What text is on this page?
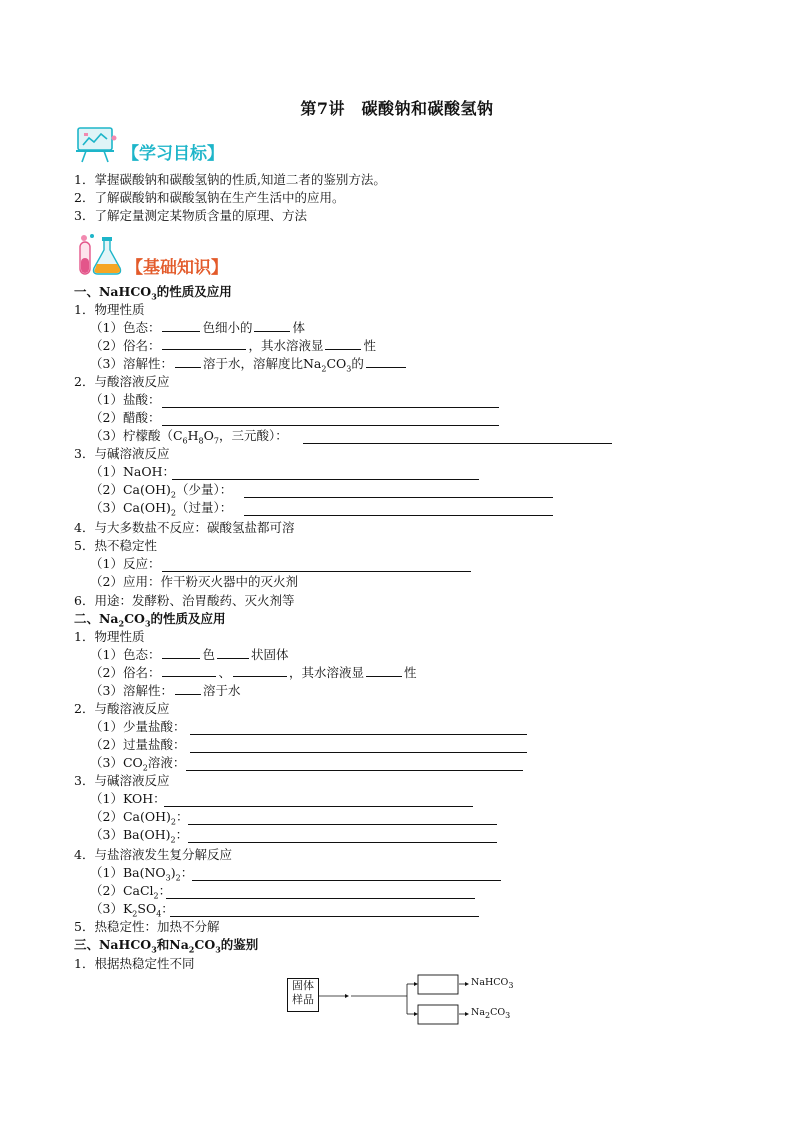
第7讲　碳酸钠和碳酸氢钠
【学习目标】
1．掌握碳酸钠和碳酸氢钠的性质,知道二者的鉴别方法。
2．了解碳酸钠和碳酸氢钠在生产生活中的应用。
3．了解定量测定某物质含量的原理、方法
【基础知识】
一、NaHCO$_3$的性质及应用
1．物理性质
（1）色态：	色细小的	体
（2）俗名：	，其水溶液显	性
（3）溶解性： 溶于水，溶解度比$Na_2CO_3$的
2．与酸溶液反应
（1）盐酸：
（2）醋酸：
（3）柠檬酸（$C_6H_8O_7$，三元酸）：
3．与碱溶液反应
（1）NaOH：
$(2)Ca(OH)_2$（少量）：
$(3)Ca(OH)_2$（过量）：
4．与大多数盐不反应：碳酸氢盐都可溶
5．热不稳定性
（1）反应：
（2）应用：作干粉灭火器中的灭火剂
6．用途：发酵粉、治胃酸药、灭火剂等
二、$Na_2CO_3$的性质及应用
1．物理性质
（1）色态：	色	状固体
（2）俗名：	、	，其水溶液显	性
（3）溶解性： 溶于水
2．与酸溶液反应
（1）少量盐酸：
（2）过量盐酸：
$(3)CO_2$溶液：
3．与碱溶液反应
（1）KOH：
$(2)Ca(OH)_2$：
$(3)Ba(OH)_2$：
4．与盐溶液发生复分解反应
$(1)Ba(NO_3)_2$：
（2）CaCl$_2$：
$(3)K_2SO_4$：
5．热稳定性：加热不分解
三、NaHCO$_3$和$Na_2CO_3$的鉴别
1．根据热稳定性不同
固体
样品
NaHCO$_3$
$Na_2CO_3$
